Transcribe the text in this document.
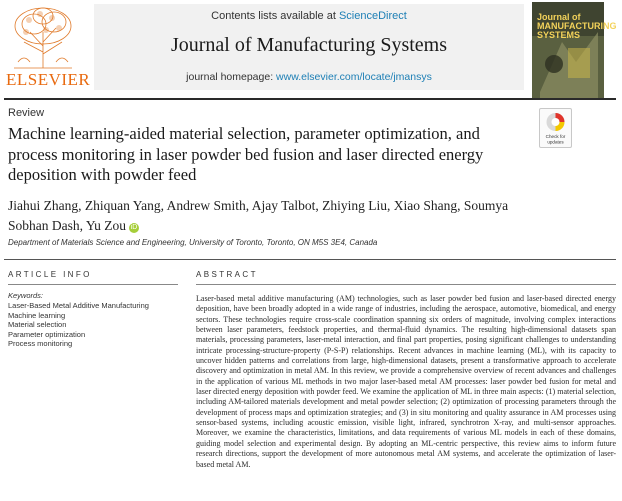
ELSEVIER
Contents lists available at ScienceDirect
Journal of Manufacturing Systems
journal homepage: www.elsevier.com/locate/jmansys
Journal of MANUFACTURING SYSTEMS
Review
Check for
updates
Machine learning-aided material selection, parameter optimization, and process monitoring in laser powder bed fusion and laser directed energy deposition with powder feed
Jiahui Zhang, Zhiquan Yang, Andrew Smith, Ajay Talbot, Zhiying Liu, Xiao Shang, Soumya Sobhan Dash, Yu Zou iD
Department of Materials Science and Engineering, University of Toronto, Toronto, ON M5S 3E4, Canada
ARTICLE INFO
Keywords:
Laser-Based Metal Additive Manufacturing
Machine learning
Material selection
Parameter optimization
Process monitoring
ABSTRACT
Laser-based metal additive manufacturing (AM) technologies, such as laser powder bed fusion and laser-based directed energy deposition, have been broadly adopted in a wide range of industries, including the aerospace, automotive, biomedical, and energy sectors. These technologies require cross-scale coordination spanning six orders of magnitude, involving complex interactions between laser parameters, feedstock properties, and thermal-fluid dynamics. The resulting high-dimensional datasets span materials, processing parameters, laser-metal interaction, and final part properties, posing significant challenges to understanding intricate processing-structure-property (P-S-P) relationships. Recent advances in machine learning (ML), with its capacity to uncover hidden patterns and correlations from large, high-dimensional datasets, present a transformative approach to accelerate discovery and optimization in metal AM. In this review, we provide a comprehensive overview of recent advances and challenges in the application of various ML methods in two major laser-based metal AM processes: laser powder bed fusion for metal and laser directed energy deposition with powder feed. We examine the application of ML in three main aspects: (1) material selection, including AM-tailored materials development and metal powder selection; (2) optimization of processing parameters through the development of process maps and optimization strategies; and (3) in situ monitoring and quality assurance in AM processes using sensor-based systems, including acoustic emission, visible light, infrared, synchrotron X-ray, and multi-sensor approaches. Moreover, we examine the characteristics, limitations, and data requirements of various ML models in each of these domains, guiding model selection and experimental design. By adopting an ML-centric perspective, this review aims to inform future research directions, support the development of more autonomous metal AM systems, and accelerate the optimization of laser-based metal AM.
